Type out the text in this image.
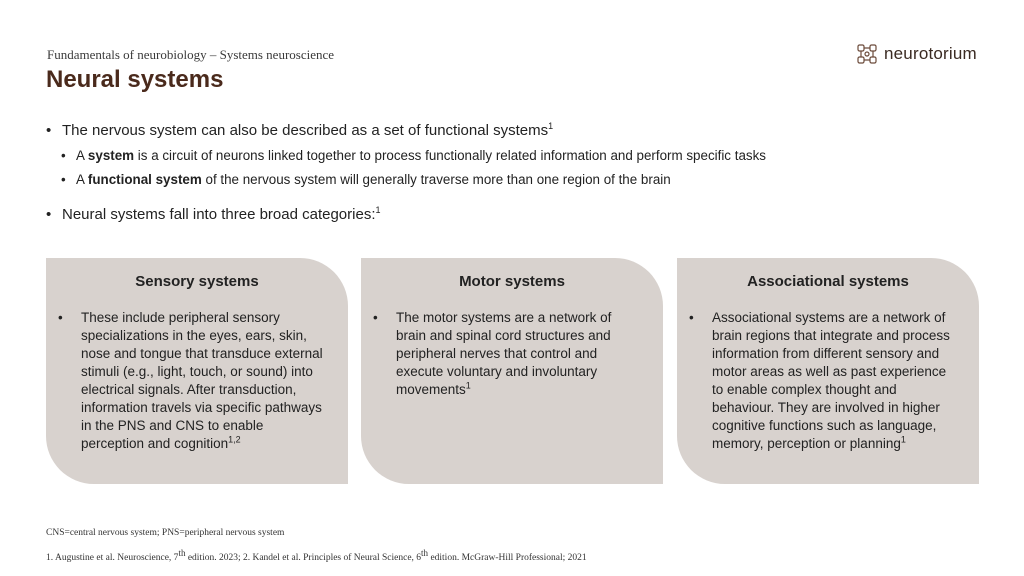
Fundamentals of neurobiology – Systems neuroscience
Neural systems
neurotorium
• The nervous system can also be described as a set of functional systems$^1$
• A system is a circuit of neurons linked together to process functionally related information and perform specific tasks
• A functional system of the nervous system will generally traverse more than one region of the brain
• Neural systems fall into three broad categories:$^1$
Sensory systems
• These include peripheral sensory specializations in the eyes, ears, skin, nose and tongue that transduce external stimuli (e.g., light, touch, or sound) into electrical signals. After transduction, information travels via specific pathways in the PNS and CNS to enable perception and cognition$^{1,2}$
Motor systems
• The motor systems are a network of brain and spinal cord structures and peripheral nerves that control and execute voluntary and involuntary movements$^1$
Associational systems
• Associational systems are a network of brain regions that integrate and process information from different sensory and motor areas as well as past experience to enable complex thought and behaviour. They are involved in higher cognitive functions such as language, memory, perception or planning$^1$
CNS=central nervous system; PNS=peripheral nervous system
1. Augustine et al. Neuroscience, 7th edition. 2023; 2. Kandel et al. Principles of Neural Science, 6th edition. McGraw-Hill Professional; 2021
